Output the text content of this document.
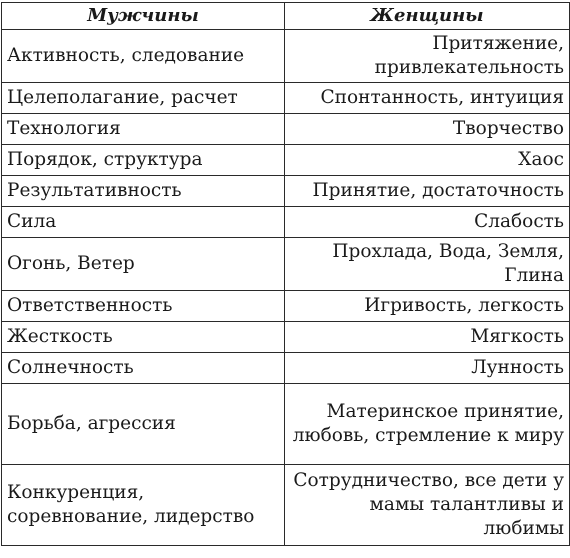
Мужчины	Женщины
Активность, следование	Притяжение, привлекательность
Целеполагание, расчет	Спонтанность, интуиция
Технология	Творчество
Порядок, структура	Хаос
Результативность	Принятие, достаточность
Сила	Слабость
Огонь, Ветер	Прохлада, Вода, Земля, Глина
Ответственность	Игривость, легкость
Жесткость	Мягкость
Солнечность	Лунность
Борьба, агрессия	Материнское принятие, любовь, стремление к миру
Конкуренция, соревнование, лидерство	Сотрудничество, все дети у мамы талантливы и любимы
